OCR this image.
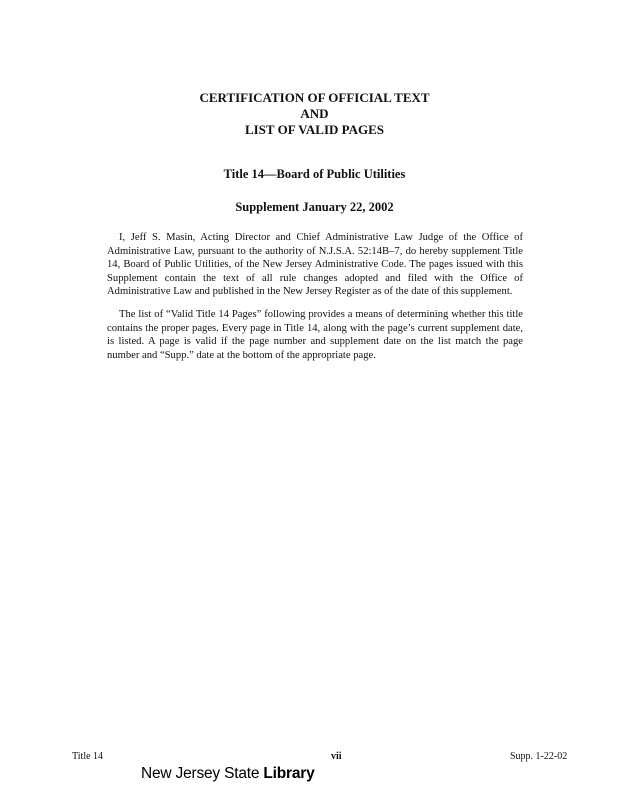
CERTIFICATION OF OFFICIAL TEXT
AND
LIST OF VALID PAGES
Title 14—Board of Public Utilities
Supplement January 22, 2002

I, Jeff S. Masin, Acting Director and Chief Administrative Law Judge of the Office of Administrative Law, pursuant to the authority of N.J.S.A. 52:14B–7, do hereby supplement Title 14, Board of Public Utilities, of the New Jersey Administrative Code. The pages issued with this Supplement contain the text of all rule changes adopted and filed with the Office of Administrative Law and published in the New Jersey Register as of the date of this supplement.

The list of “Valid Title 14 Pages” following provides a means of determining whether this title contains the proper pages. Every page in Title 14, along with the page’s current supplement date, is listed. A page is valid if the page number and supplement date on the list match the page number and “Supp.” date at the bottom of the appropriate page.

Title 14	vii	Supp. 1-22-02
New Jersey State Library
